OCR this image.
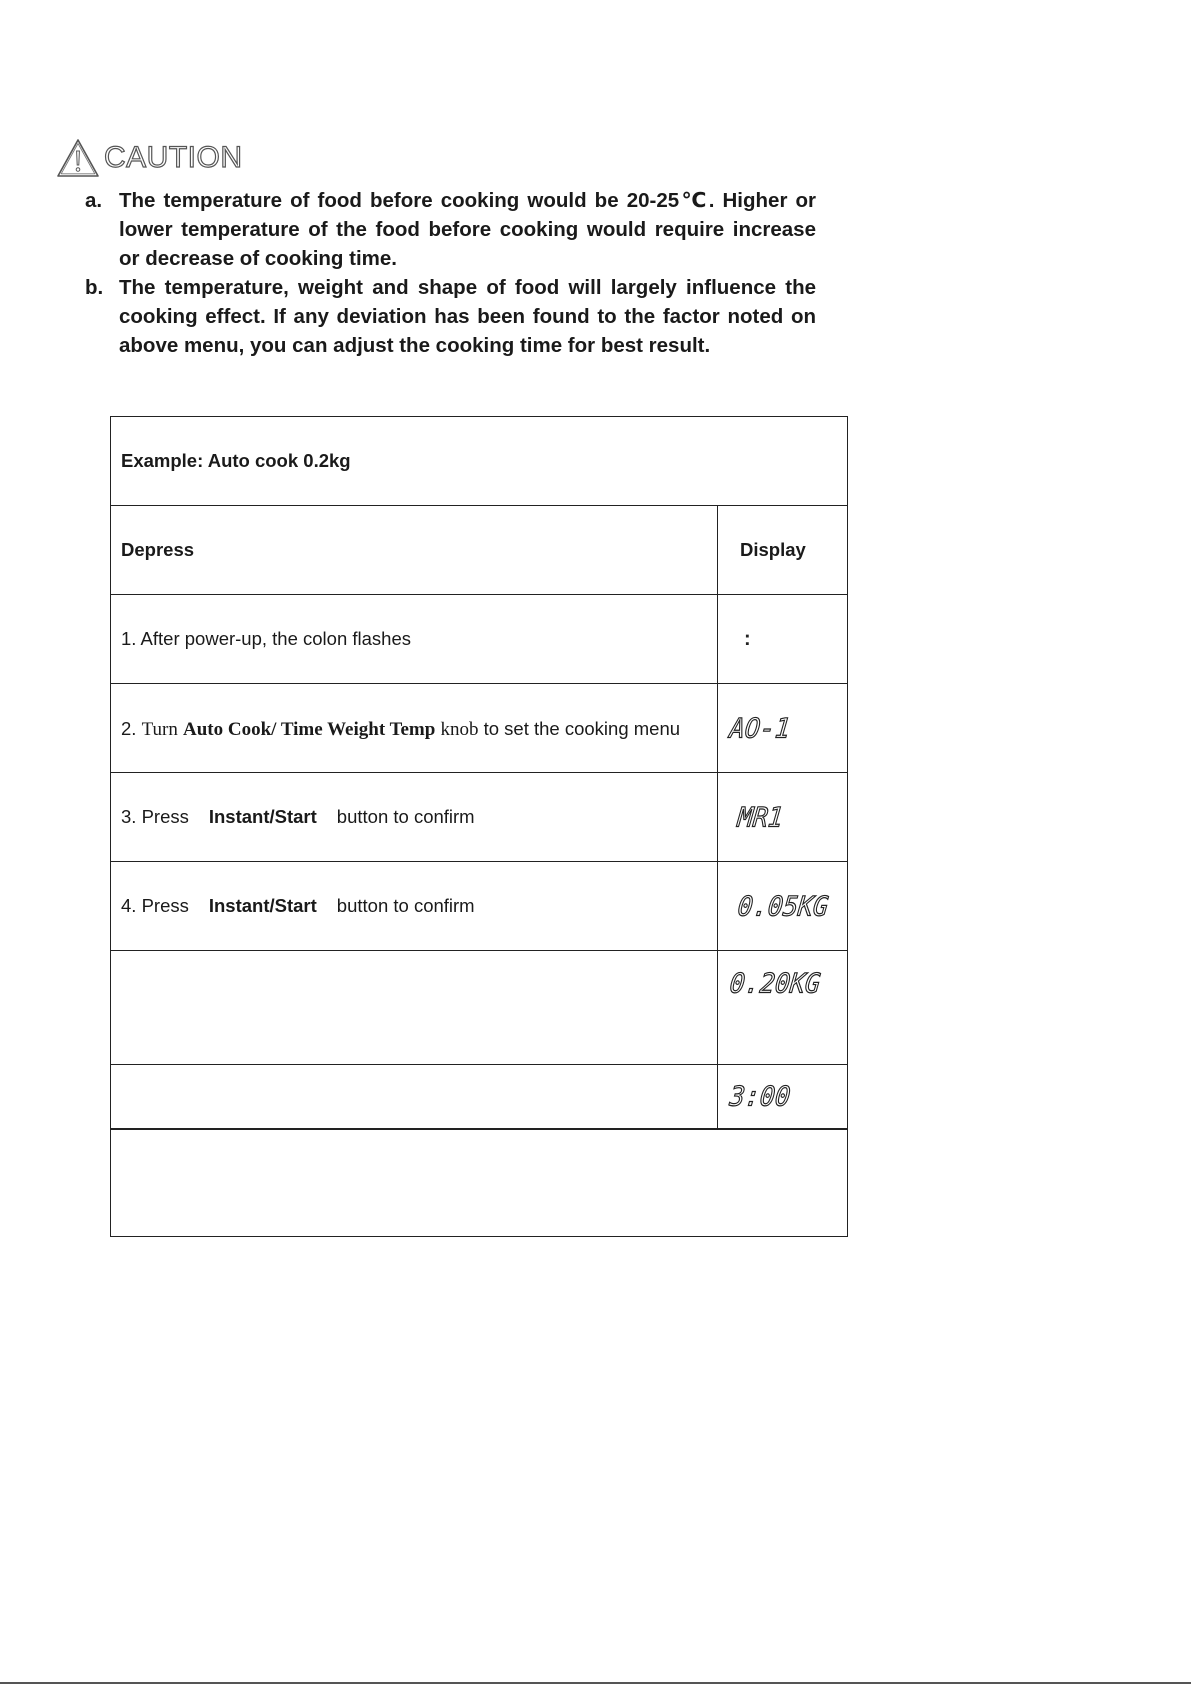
CAUTION
a. The temperature of food before cooking would be 20-25℃. Higher or lower temperature of the food before cooking would require increase or decrease of cooking time.
b. The temperature, weight and shape of food will largely influence the cooking effect. If any deviation has been found to the factor noted on above menu, you can adjust the cooking time for best result.
Example: Auto cook 0.2kg	
Depress	Display
1. After power-up, the colon flashes	:

2. Turn Auto Cook/ Time Weight Temp knob to set the cooking menu	AO-1
3. Press Instant/Start button to confirm	MR1
4. Press Instant/Start button to confirm	0.05KG
	0.20KG
	3:00
